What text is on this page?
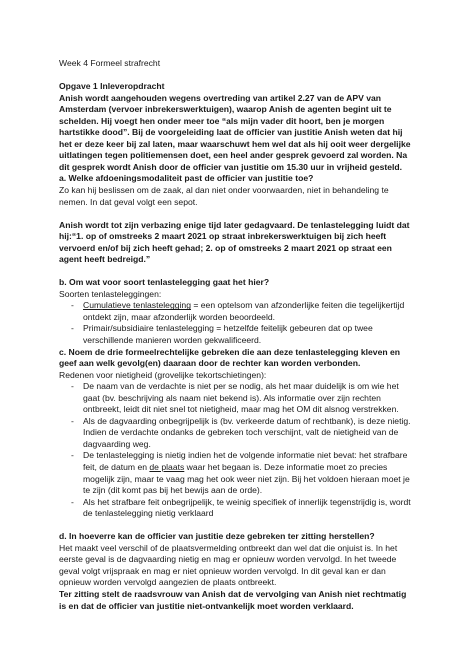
Week 4 Formeel strafrecht

Opgave 1 Inleveropdracht

Anish wordt aangehouden wegens overtreding van artikel 2.27 van de APV van Amsterdam (vervoer inbrekerswerktuigen), waarop Anish de agenten begint uit te schelden. Hij voegt hen onder meer toe “als mijn vader dit hoort, ben je morgen hartstikke dood”. Bij de voorgeleiding laat de officier van justitie Anish weten dat hij het er deze keer bij zal laten, maar waarschuwt hem wel dat als hij ooit weer dergelijke uitlatingen tegen politiemensen doet, een heel ander gesprek gevoerd zal worden. Na dit gesprek wordt Anish door de officier van justitie om 15.30 uur in vrijheid gesteld.

a. Welke afdoeningsmodaliteit past de officier van justitie toe?

Zo kan hij beslissen om de zaak, al dan niet onder voorwaarden, niet in behandeling te nemen. In dat geval volgt een sepot.

Anish wordt tot zijn verbazing enige tijd later gedagvaard. De tenlastelegging luidt dat hij:“1. op of omstreeks 2 maart 2021 op straat inbrekerswerktuigen bij zich heeft vervoerd en/of bij zich heeft gehad; 2. op of omstreeks 2 maart 2021 op straat een agent heeft bedreigd.”

b. Om wat voor soort tenlastelegging gaat het hier?

Soorten tenlasteleggingen:

-	Cumulatieve tenlastelegging = een optelsom van afzonderlijke feiten die tegelijkertijd ontdekt zijn, maar afzonderlijk worden beoordeeld.
-	Primair/subsidiaire tenlastelegging = hetzelfde feitelijk gebeuren dat op twee verschillende manieren worden gekwalificeerd.

c. Noem de drie formeelrechtelijke gebreken die aan deze tenlastelegging kleven en geef aan welk gevolg(en) daaraan door de rechter kan worden verbonden.

Redenen voor nietigheid (grovelijke tekortschietingen):

-	De naam van de verdachte is niet per se nodig, als het maar duidelijk is om wie het gaat (bv. beschrijving als naam niet bekend is). Als informatie over zijn rechten ontbreekt, leidt dit niet snel tot nietigheid, maar mag het OM dit alsnog verstrekken.
-	Als de dagvaarding onbegrijpelijk is (bv. verkeerde datum of rechtbank), is deze nietig. Indien de verdachte ondanks de gebreken toch verschijnt, valt de nietigheid van de dagvaarding weg.
-	De tenlastelegging is nietig indien het de volgende informatie niet bevat: het strafbare feit, de datum en de plaats waar het begaan is. Deze informatie moet zo precies mogelijk zijn, maar te vaag mag het ook weer niet zijn. Bij het voldoen hieraan moet je te zijn (dit komt pas bij het bewijs aan de orde).
-	Als het strafbare feit onbegrijpelijk, te weinig specifiek of innerlijk tegenstrijdig is, wordt de tenlastelegging nietig verklaard

d. In hoeverre kan de officier van justitie deze gebreken ter zitting herstellen?

Het maakt veel verschil of de plaatsvermelding ontbreekt dan wel dat die onjuist is. In het eerste geval is de dagvaarding nietig en mag er opnieuw worden vervolgd. In het tweede geval volgt vrijspraak en mag er niet opnieuw worden vervolgd. In dit geval kan er dan opnieuw worden vervolgd aangezien de plaats ontbreekt.

Ter zitting stelt de raadsvrouw van Anish dat de vervolging van Anish niet rechtmatig is en dat de officier van justitie niet-ontvankelijk moet worden verklaard.
